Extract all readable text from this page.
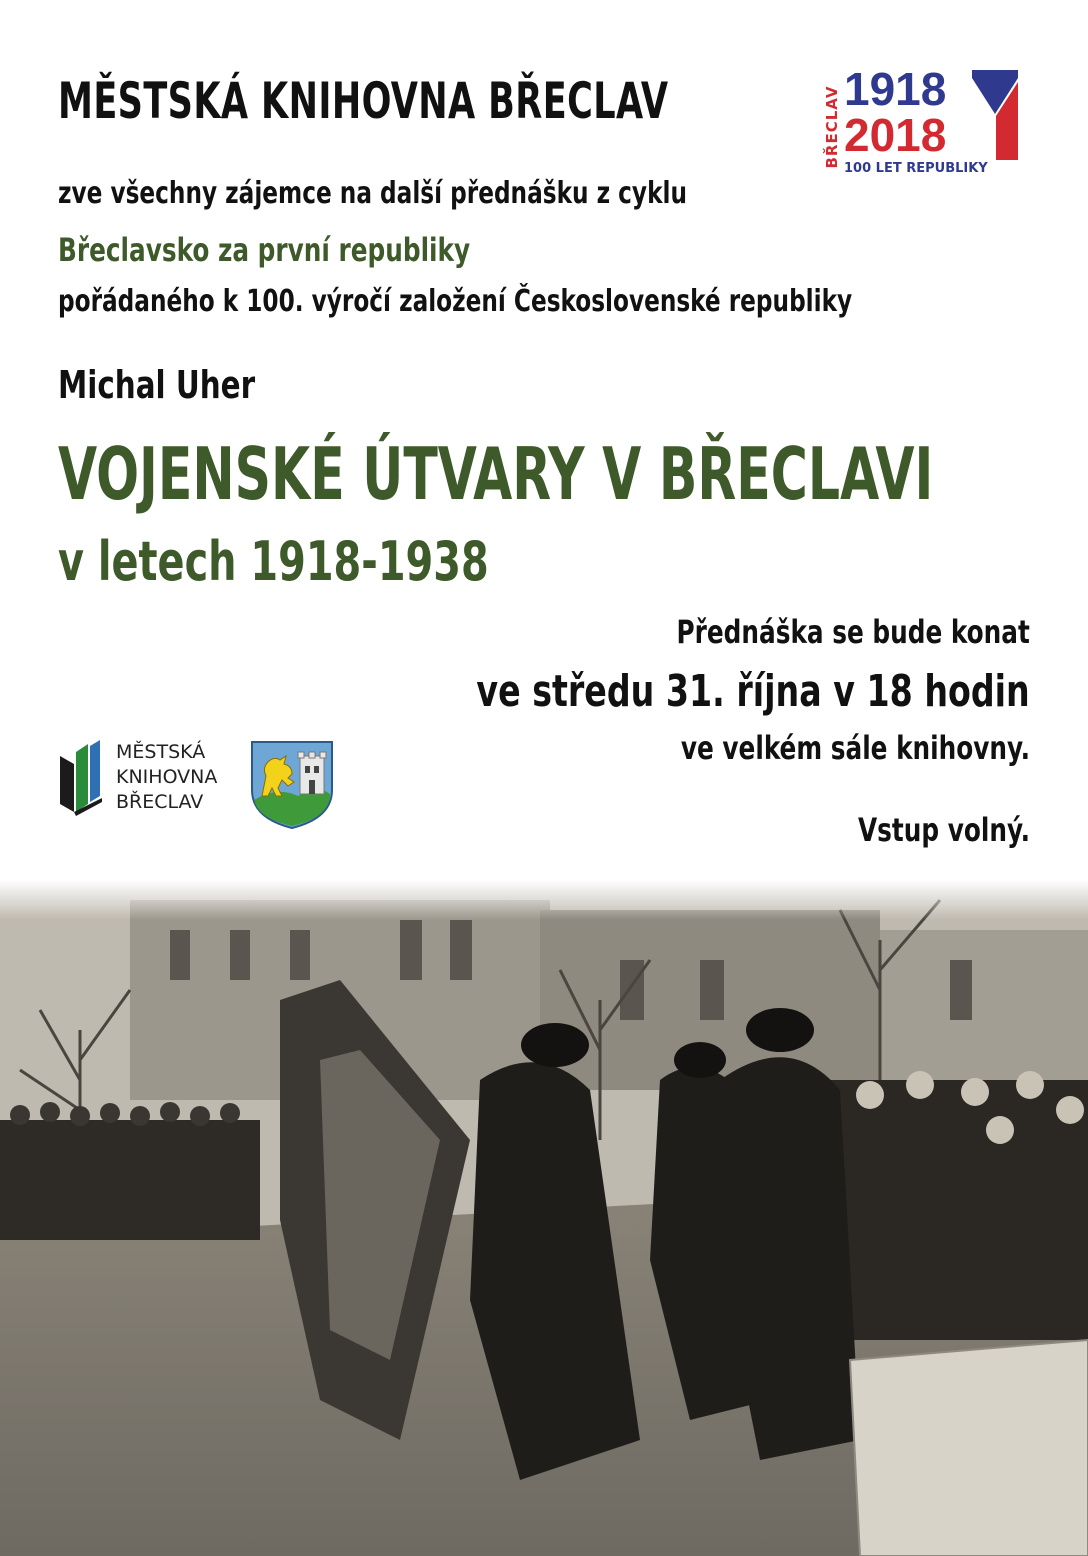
MĚSTSKÁ KNIHOVNA BŘECLAV
zve všechny zájemce na další přednášku z cyklu
Břeclavsko za první republiky
pořádaného k 100. výročí založení Československé republiky
BŘECLAV 1918
2018
100 LET REPUBLIKY
Michal Uher
VOJENSKÉ ÚTVARY V BŘECLAVI
v letech 1918-1938
Přednáška se bude konat
ve středu 31. října v 18 hodin
ve velkém sále knihovny.
Vstup volný.
MĚSTSKÁ
KNIHOVNA
BŘECLAV
